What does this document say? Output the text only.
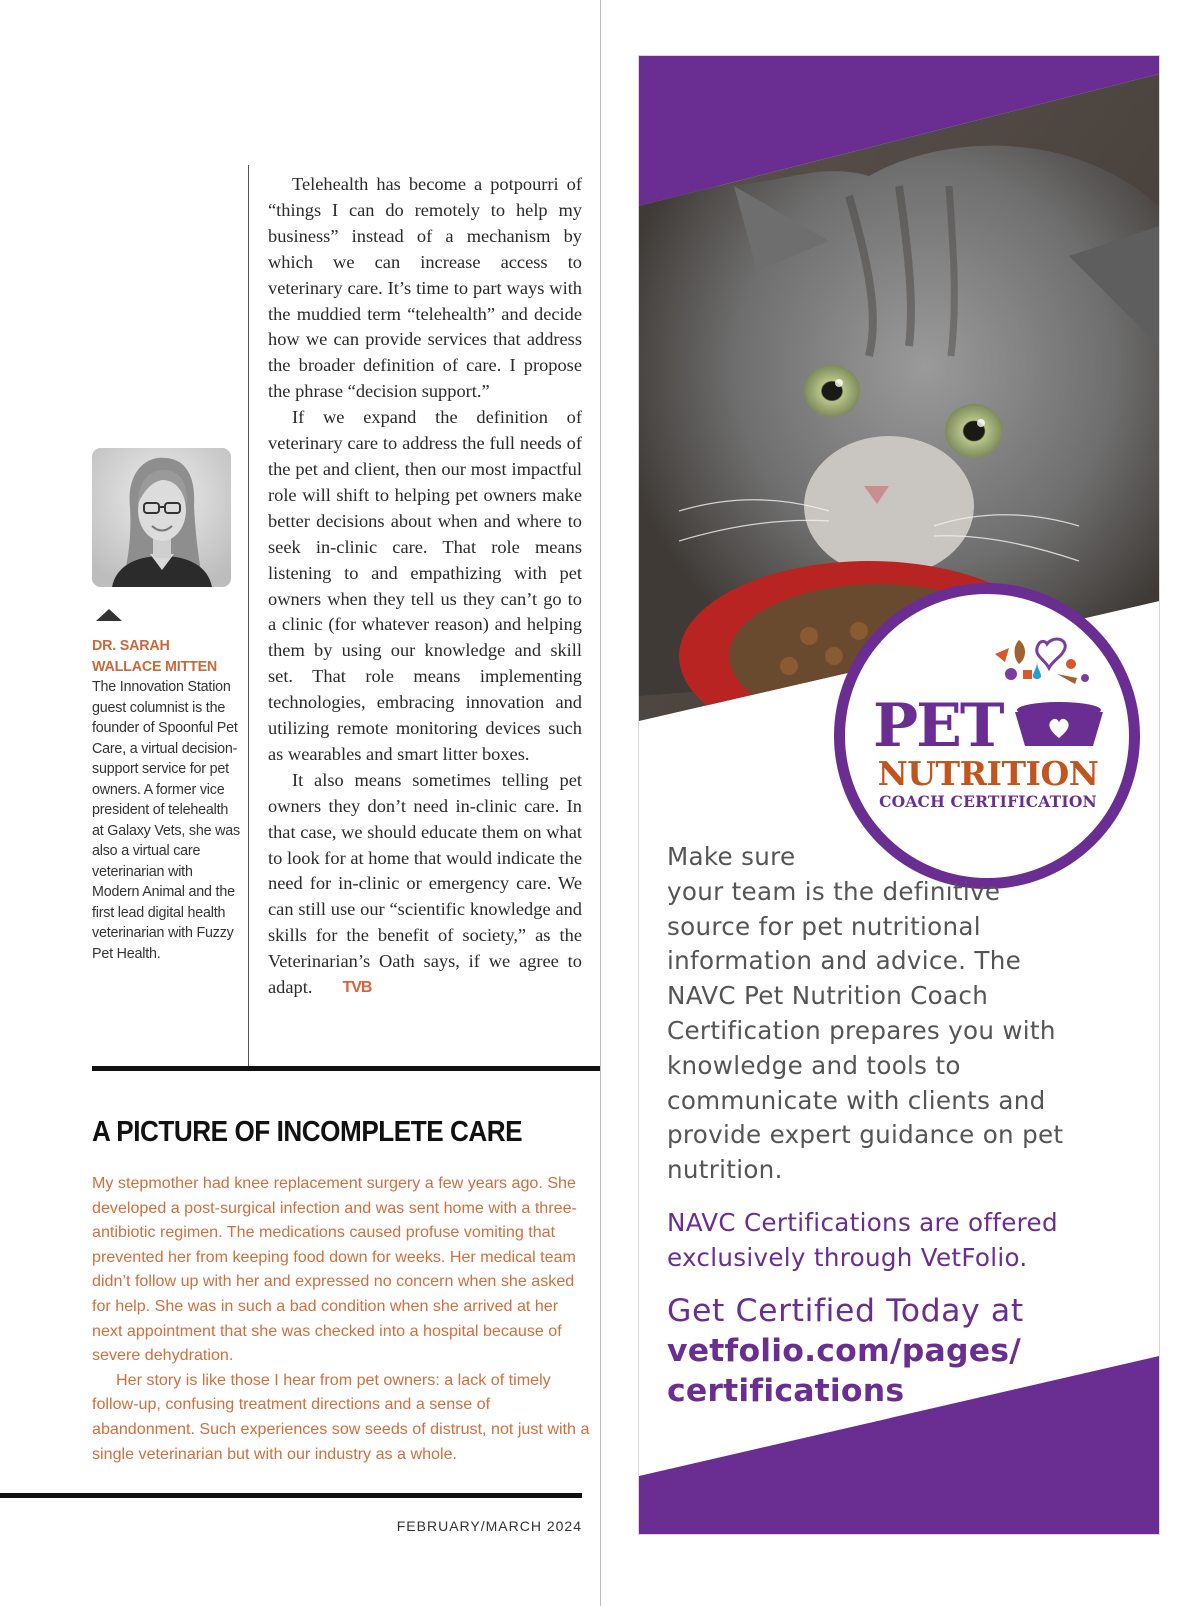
Telehealth has become a potpourri of “things I can do remotely to help my business” instead of a mechanism by which we can increase access to veterinary care. It’s time to part ways with the muddied term “telehealth” and decide how we can provide services that address the broader definition of care. I propose the phrase “decision support.”

If we expand the definition of veterinary care to address the full needs of the pet and client, then our most impactful role will shift to helping pet owners make better decisions about when and where to seek in-clinic care. That role means listening to and empathizing with pet owners when they tell us they can’t go to a clinic (for whatever reason) and helping them by using our knowledge and skill set. That role means implementing technologies, embracing innovation and utilizing remote monitoring devices such as wearables and smart litter boxes.

It also means sometimes telling pet owners they don’t need in-clinic care. In that case, we should educate them on what to look for at home that would indicate the need for in-clinic or emergency care. We can still use our “scientific knowledge and skills for the benefit of society,” as the Veterinarian’s Oath says, if we agree to adapt. TVB

DR. SARAH WALLACE MITTEN
The Innovation Station guest columnist is the founder of Spoonful Pet Care, a virtual decision-support service for pet owners. A former vice president of telehealth at Galaxy Vets, she was also a virtual care veterinarian with Modern Animal and the first lead digital health veterinarian with Fuzzy Pet Health.
A PICTURE OF INCOMPLETE CARE

My stepmother had knee replacement surgery a few years ago. She developed a post-surgical infection and was sent home with a three-antibiotic regimen. The medications caused profuse vomiting that prevented her from keeping food down for weeks. Her medical team didn’t follow up with her and expressed no concern when she asked for help. She was in such a bad condition when she arrived at her next appointment that she was checked into a hospital because of severe dehydration.

Her story is like those I hear from pet owners: a lack of timely follow-up, confusing treatment directions and a sense of abandonment. Such experiences sow seeds of distrust, not just with a single veterinarian but with our industry as a whole.

FEBRUARY/MARCH 2024
PET
NUTRITION
COACH CERTIFICATION
Make sure
your team is the definitive source for pet nutritional information and advice. The NAVC Pet Nutrition Coach Certification prepares you with knowledge and tools to communicate with clients and provide expert guidance on pet nutrition.
NAVC Certifications are offered exclusively through VetFolio.
Get Certified Today at
vetfolio.com/pages/ certifications
